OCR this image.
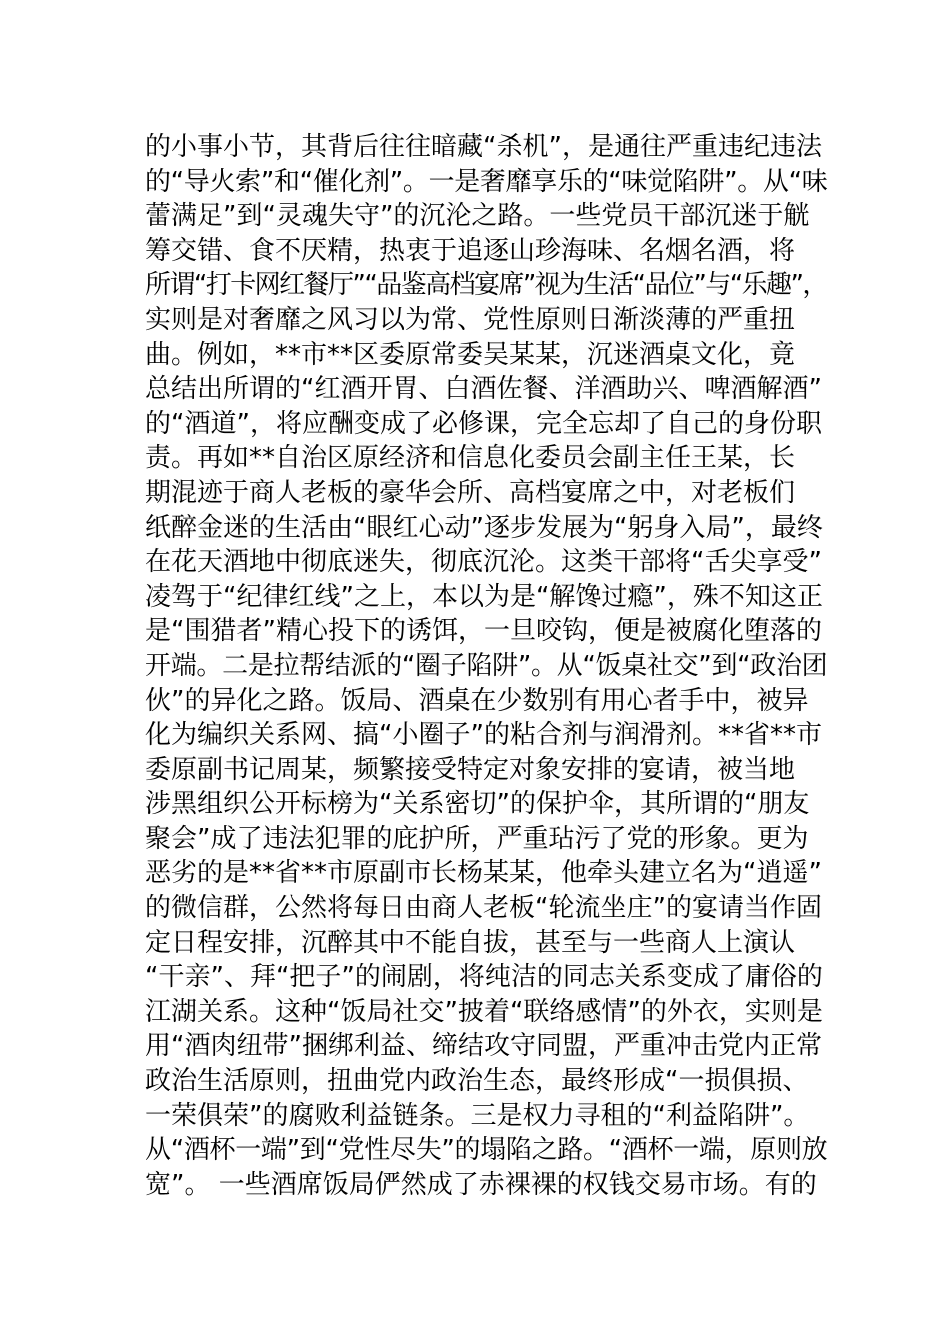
的小事小节，其背后往往暗藏“杀机”，是通往严重违纪违法
的“导火索”和“催化剂”。一是奢靡享乐的“味觉陷阱”。从“味
蕾满足”到“灵魂失守”的沉沦之路。一些党员干部沉迷于觥
筹交错、食不厌精，热衷于追逐山珍海味、名烟名酒，将
所谓“打卡网红餐厅”“品鉴高档宴席”视为生活“品位”与“乐趣”，
实则是对奢靡之风习以为常、党性原则日渐淡薄的严重扭
曲。例如，**市**区委原常委吴某某，沉迷酒桌文化，竟
总结出所谓的“红酒开胃、白酒佐餐、洋酒助兴、啤酒解酒”
的“酒道”，将应酬变成了必修课，完全忘却了自己的身份职
责。再如**自治区原经济和信息化委员会副主任王某，长
期混迹于商人老板的豪华会所、高档宴席之中，对老板们
纸醉金迷的生活由“眼红心动”逐步发展为“躬身入局”，最终
在花天酒地中彻底迷失，彻底沉沦。这类干部将“舌尖享受”
凌驾于“纪律红线”之上，本以为是“解馋过瘾”，殊不知这正
是“围猎者”精心投下的诱饵，一旦咬钩，便是被腐化堕落的
开端。二是拉帮结派的“圈子陷阱”。从“饭桌社交”到“政治团
伙”的异化之路。饭局、酒桌在少数别有用心者手中，被异
化为编织关系网、搞“小圈子”的粘合剂与润滑剂。**省**市
委原副书记周某，频繁接受特定对象安排的宴请，被当地
涉黑组织公开标榜为“关系密切”的保护伞，其所谓的“朋友
聚会”成了违法犯罪的庇护所，严重玷污了党的形象。更为
恶劣的是**省**市原副市长杨某某，他牵头建立名为“逍遥”
的微信群，公然将每日由商人老板“轮流坐庄”的宴请当作固
定日程安排，沉醉其中不能自拔，甚至与一些商人上演认
“干亲”、拜“把子”的闹剧，将纯洁的同志关系变成了庸俗的
江湖关系。这种“饭局社交”披着“联络感情”的外衣，实则是
用“酒肉纽带”捆绑利益、缔结攻守同盟，严重冲击党内正常
政治生活原则，扭曲党内政治生态，最终形成“一损俱损、
一荣俱荣”的腐败利益链条。三是权力寻租的“利益陷阱”。
从“酒杯一端”到“党性尽失”的塌陷之路。“酒杯一端，原则放
宽”。 一些酒席饭局俨然成了赤裸裸的权钱交易市场。有的
